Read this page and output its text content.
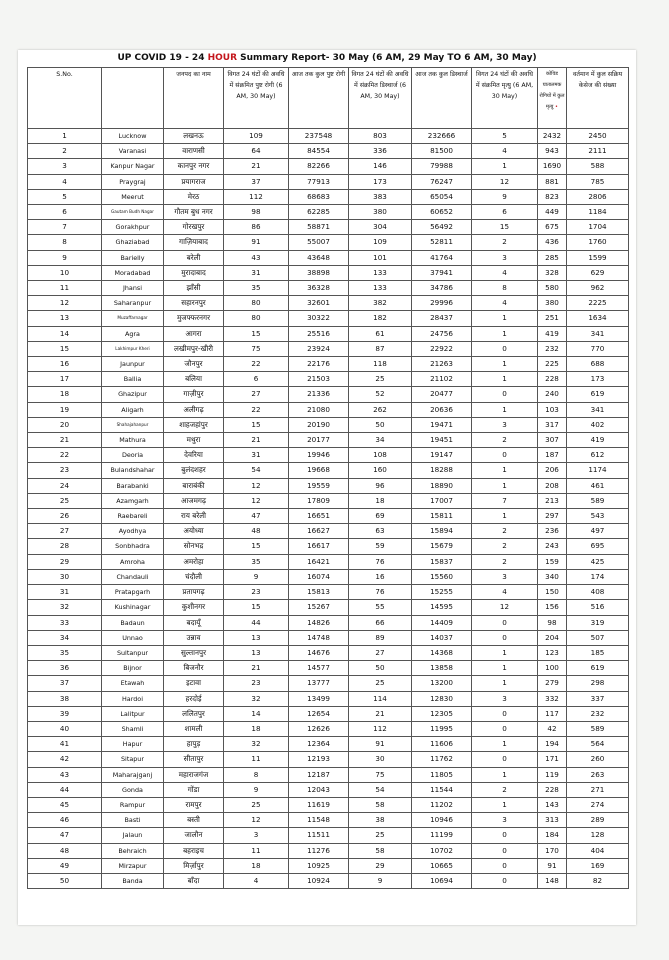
UP COVID 19 - 24 HOUR Summary Report- 30 May (6 AM, 29 May TO 6 AM, 30 May)
S.No.		जनपद का नाम	विगत 24 घंटों की अवधि में संक्रमित पुष्ट रोगी (6 AM, 30 May)	आज तक कुल पुष्ट रोगी	विगत 24 घंटों की अवधि में संक्रमित डिस्चार्ज (6 AM, 30 May)	आज तक कुल डिस्चार्ज	विगत 24 घंटों की अवधि में संक्रमित मृत्यु (6 AM, 30 May)	कोविड घातालमक रोगियों में कुल मृत्यु •	वर्तमान में कुल सक्रिय केसेज की संख्या
1	Lucknow	लखनऊ	109	237548	803	232666	5	2432	2450
2	Varanasi	वाराणसी	64	84554	336	81500	4	943	2111
3	Kanpur Nagar	कानपुर नगर	21	82266	146	79988	1	1690	588
4	Praygraj	प्रयागराज	37	77913	173	76247	12	881	785
5	Meerut	मेरठ	112	68683	383	65054	9	823	2806
6	Gautam Budh Nagar	गौतम बुध नगर	98	62285	380	60652	6	449	1184
7	Gorakhpur	गोरखपुर	86	58871	304	56492	15	675	1704
8	Ghaziabad	गाज़ियाबाद	91	55007	109	52811	2	436	1760
9	Barielly	बरेली	43	43648	101	41764	3	285	1599
10	Moradabad	मुरादाबाद	31	38898	133	37941	4	328	629
11	Jhansi	झाँसी	35	36328	133	34786	8	580	962
12	Saharanpur	सहारनपुर	80	32601	382	29996	4	380	2225
13	Muzaffarnagar	मुजफ्फरनगर	80	30322	182	28437	1	251	1634
14	Agra	आगरा	15	25516	61	24756	1	419	341
15	Lakhimpur Kheri	लखीमपुर-खीरी	75	23924	87	22922	0	232	770
16	Jaunpur	जौनपुर	22	22176	118	21263	1	225	688
17	Ballia	बलिया	6	21503	25	21102	1	228	173
18	Ghazipur	गाज़ीपुर	27	21336	52	20477	0	240	619
19	Aligarh	अलीगढ़	22	21080	262	20636	1	103	341
20	Shahajahanpur	शाहजहांपुर	15	20190	50	19471	3	317	402
21	Mathura	मथुरा	21	20177	34	19451	2	307	419
22	Deoria	देवरिया	31	19946	108	19147	0	187	612
23	Bulandshahar	बुलंदशहर	54	19668	160	18288	1	206	1174
24	Barabanki	बाराबंकी	12	19559	96	18890	1	208	461
25	Azamgarh	आजमगढ़	12	17809	18	17007	7	213	589
26	Raebareli	राय बरेली	47	16651	69	15811	1	297	543
27	Ayodhya	अयोध्या	48	16627	63	15894	2	236	497
28	Sonbhadra	सोनभद्र	15	16617	59	15679	2	243	695
29	Amroha	अमरोहा	35	16421	76	15837	2	159	425
30	Chandauli	चंदौली	9	16074	16	15560	3	340	174
31	Pratapgarh	प्रतापगढ़	23	15813	76	15255	4	150	408
32	Kushinagar	कुशीनगर	15	15267	55	14595	12	156	516
33	Badaun	बदायूँ	44	14826	66	14409	0	98	319
34	Unnao	उन्नाव	13	14748	89	14037	0	204	507
35	Sultanpur	सुल्तानपुर	13	14676	27	14368	1	123	185
36	Bijnor	बिजनौर	21	14577	50	13858	1	100	619
37	Etawah	इटावा	23	13777	25	13200	1	279	298
38	Hardoi	हरदोई	32	13499	114	12830	3	332	337
39	Lalitpur	ललितपुर	14	12654	21	12305	0	117	232
40	Shamli	शामली	18	12626	112	11995	0	42	589
41	Hapur	हापुड़	32	12364	91	11606	1	194	564
42	Sitapur	सीतापुर	11	12193	30	11762	0	171	260
43	Maharajganj	महाराजगंज	8	12187	75	11805	1	119	263
44	Gonda	गोंडा	9	12043	54	11544	2	228	271
45	Rampur	रामपुर	25	11619	58	11202	1	143	274
46	Basti	बस्ती	12	11548	38	10946	3	313	289
47	Jalaun	जालौन	3	11511	25	11199	0	184	128
48	Behraich	बहराइच	11	11276	58	10702	0	170	404
49	Mirzapur	मिर्ज़ापुर	18	10925	29	10665	0	91	169
50	Banda	बाँदा	4	10924	9	10694	0	148	82
